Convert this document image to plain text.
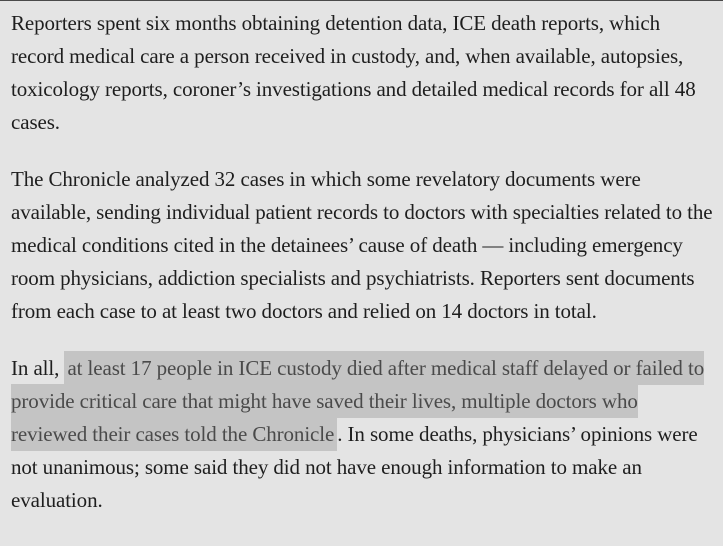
Reporters spent six months obtaining detention data, ICE death reports, which record medical care a person received in custody, and, when available, autopsies, toxicology reports, coroner’s investigations and detailed medical records for all 48 cases.

The Chronicle analyzed 32 cases in which some revelatory documents were available, sending individual patient records to doctors with specialties related to the medical conditions cited in the detainees’ cause of death — including emergency room physicians, addiction specialists and psychiatrists. Reporters sent documents from each case to at least two doctors and relied on 14 doctors in total.

In all, at least 17 people in ICE custody died after medical staff delayed or failed to provide critical care that might have saved their lives, multiple doctors who reviewed their cases told the Chronicle . In some deaths, physicians’ opinions were not unanimous; some said they did not have enough information to make an evaluation.
